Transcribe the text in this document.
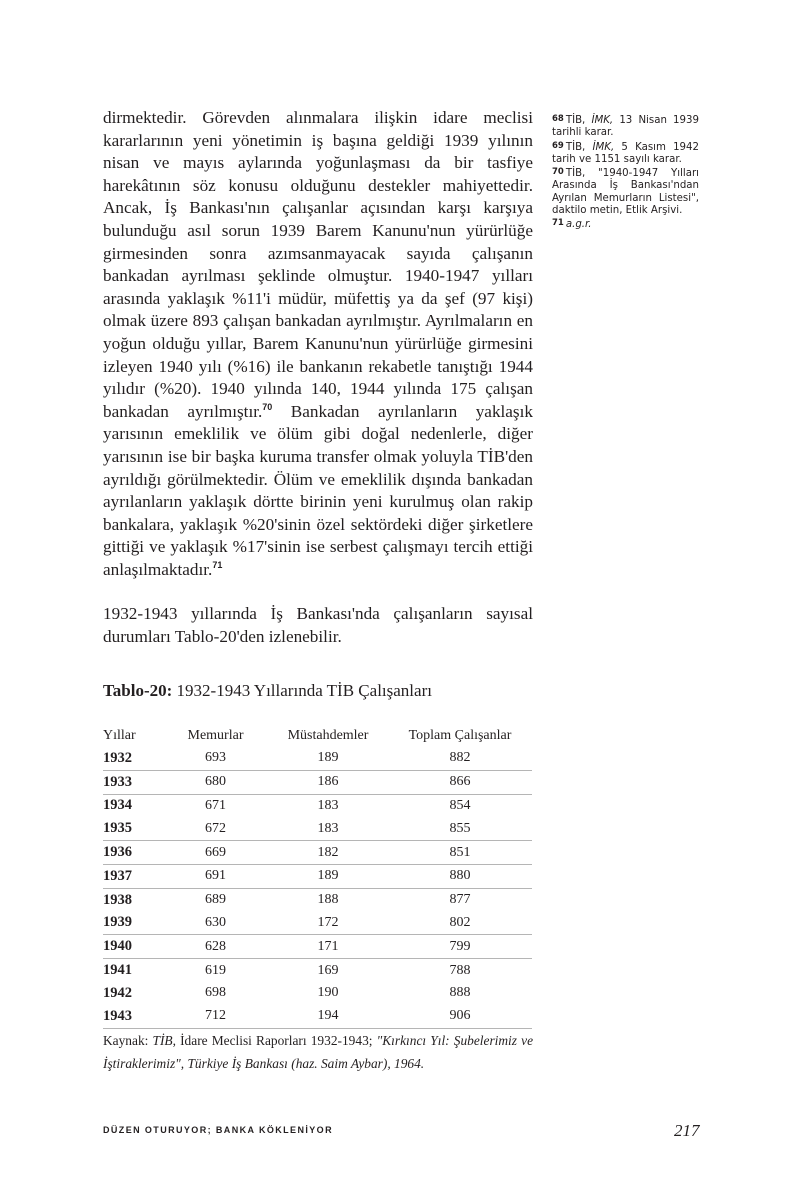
dirmektedir. Görevden alınmalara ilişkin idare meclisi kararlarının yeni yönetimin iş başına geldiği 1939 yılının nisan ve mayıs aylarında yoğunlaşması da bir tasfiye harekâtının söz konusu olduğunu destekler mahiyettedir. Ancak, İş Bankası'nın çalışanlar açısından karşı karşıya bulunduğu asıl sorun 1939 Barem Kanunu'nun yürürlüğe girmesinden sonra azımsanmayacak sayıda çalışanın bankadan ayrılması şeklinde olmuştur. 1940-1947 yılları arasında yaklaşık %11'i müdür, müfettiş ya da şef (97 kişi) olmak üzere 893 çalışan bankadan ayrılmıştır. Ayrılmaların en yoğun olduğu yıllar, Barem Kanunu'nun yürürlüğe girmesini izleyen 1940 yılı (%16) ile bankanın rekabetle tanıştığı 1944 yılıdır (%20). 1940 yılında 140, 1944 yılında 175 çalışan bankadan ayrılmıştır.$^{70}$ Bankadan ayrılanların yaklaşık yarısının emeklilik ve ölüm gibi doğal nedenlerle, diğer yarısının ise bir başka kuruma transfer olmak yoluyla TİB'den ayrıldığı görülmektedir. Ölüm ve emeklilik dışında bankadan ayrılanların yaklaşık dörtte birinin yeni kurulmuş olan rakip bankalara, yaklaşık %20'sinin özel sektördeki diğer şirketlere gittiği ve yaklaşık %17'sinin ise serbest çalışmayı tercih ettiği anlaşılmaktadır.$^{71}$

1932-1943 yıllarında İş Bankası'nda çalışanların sayısal durumları Tablo-20'den izlenebilir.

68 TİB, İMK, 13 Nisan 1939 tarihli karar.

69 TİB, İMK, 5 Kasım 1942 tarih ve 1151 sayılı karar.

70 TİB, "1940-1947 Yılları Arasında İş Bankası'ndan Ayrılan Memurların Listesi", daktilo metin, Etlik Arşivi.

71 a.g.r.

Tablo-20: 1932-1943 Yıllarında TİB Çalışanları

Yıllar	Memurlar	Müstahdemler	Toplam Çalışanlar
1932	693	189	882
1933	680	186	866
1934	671	183	854
1935	672	183	855
1936	669	182	851
1937	691	189	880
1938	689	188	877
1939	630	172	802
1940	628	171	799
1941	619	169	788
1942	698	190	888
1943	712	194	906

Kaynak: TİB, İdare Meclisi Raporları 1932-1943; "Kırkıncı Yıl: Şubelerimiz ve İştiraklerimiz", Türkiye İş Bankası (haz. Saim Aybar), 1964.

DÜZEN OTURUYOR; BANKA KÖKLENİYOR	217
